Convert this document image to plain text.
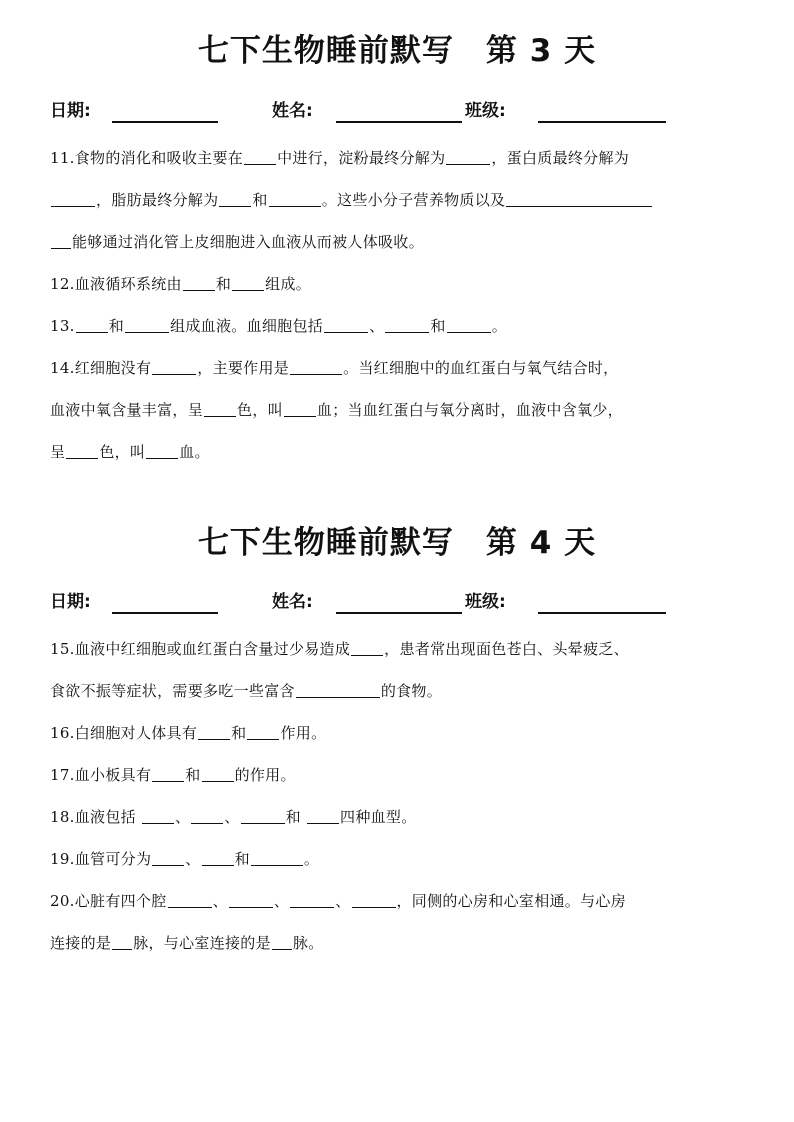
七下生物睡前默写　第 3 天
日期:	姓名:	班级:
11.食物的消化和吸收主要在 中进行，淀粉最终分解为	，蛋白质最终分解为
，脂肪最终分解为 和	。这些小分子营养物质以及
能够通过消化管上皮细胞进入血液从而被人体吸收。
12.血液循环系统由 和 组成。
13. 和	组成血液。血细胞包括	、	和	。
14.红细胞没有	，主要作用是	。当红细胞中的血红蛋白与氧气结合时，
血液中氧含量丰富，呈 色，叫 血；当血红蛋白与氧分离时，血液中含氧少，
呈 色，叫 血。
七下生物睡前默写　第 4 天
日期:	姓名:	班级:
15.血液中红细胞或血红蛋白含量过少易造成 ，患者常出现面色苍白、头晕疲乏、
食欲不振等症状，需要多吃一些富含	的食物。
16.白细胞对人体具有 和 作用。
17.血小板具有 和 的作用。
18.血液包括 、 、	和 四种血型。
19.血管可分为 、 和	。
20.心脏有四个腔	、	、	、	，同侧的心房和心室相通。与心房
连接的是 脉，与心室连接的是 脉。
